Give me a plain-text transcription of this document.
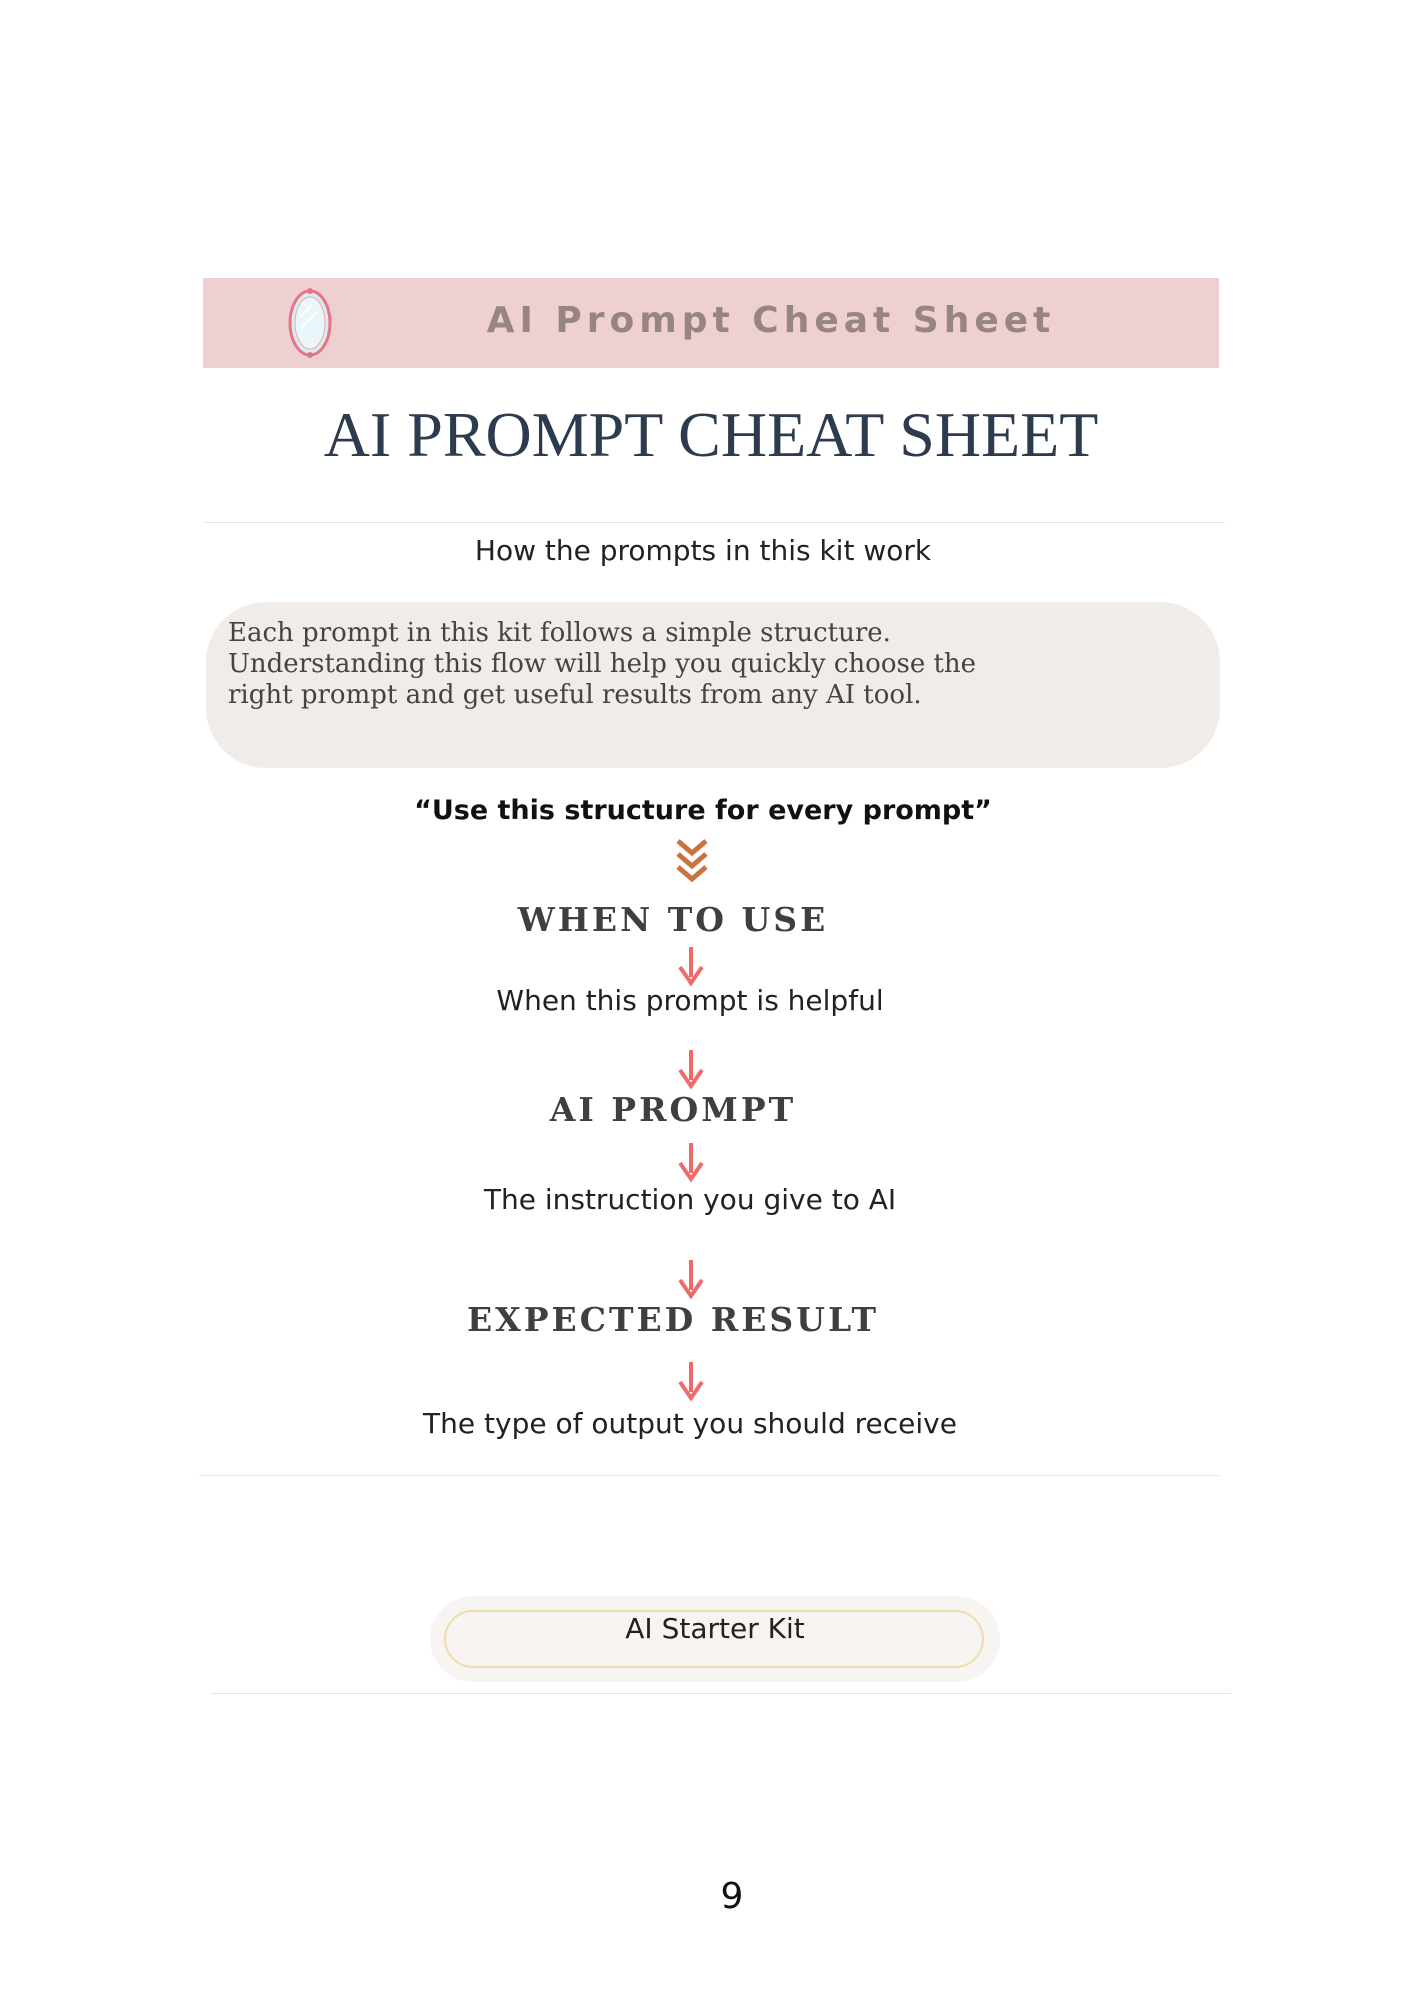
AI Prompt Cheat Sheet
AI PROMPT CHEAT SHEET
How the prompts in this kit work
Each prompt in this kit follows a simple structure.
Understanding this flow will help you quickly choose the
right prompt and get useful results from any AI tool.
“Use this structure for every prompt”
WHEN TO USE
When this prompt is helpful
AI PROMPT
The instruction you give to AI
EXPECTED RESULT
The type of output you should receive
AI Starter Kit
9
